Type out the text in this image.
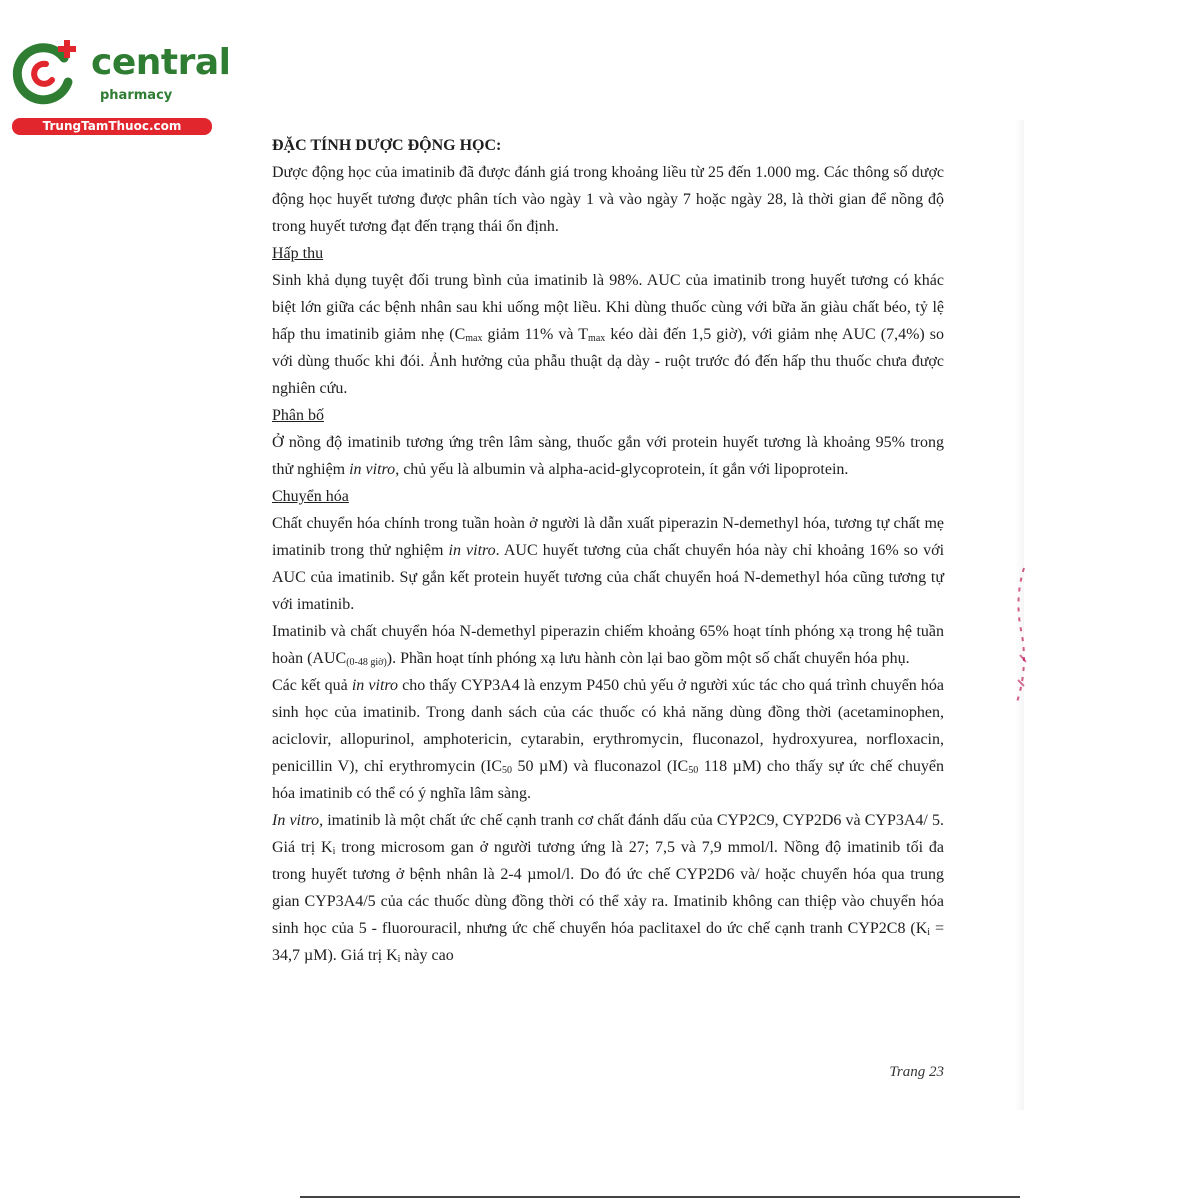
central
pharmacy
TrungTamThuoc.com

ĐẶC TÍNH DƯỢC ĐỘNG HỌC:

Dược động học của imatinib đã được đánh giá trong khoảng liều từ 25 đến 1.000 mg. Các thông số dược động học huyết tương được phân tích vào ngày 1 và vào ngày 7 hoặc ngày 28, là thời gian để nồng độ trong huyết tương đạt đến trạng thái ổn định.

Hấp thu

Sinh khả dụng tuyệt đối trung bình của imatinib là 98%. AUC của imatinib trong huyết tương có khác biệt lớn giữa các bệnh nhân sau khi uống một liều. Khi dùng thuốc cùng với bữa ăn giàu chất béo, tỷ lệ hấp thu imatinib giảm nhẹ ($C_{max}$ giảm 11% và $T_{max}$ kéo dài đến 1,5 giờ), với giảm nhẹ AUC (7,4%) so với dùng thuốc khi đói. Ảnh hưởng của phẫu thuật dạ dày - ruột trước đó đến hấp thu thuốc chưa được nghiên cứu.

Phân bố

Ở nồng độ imatinib tương ứng trên lâm sàng, thuốc gắn với protein huyết tương là khoảng 95% trong thử nghiệm in vitro, chủ yếu là albumin và alpha-acid-glycoprotein, ít gắn với lipoprotein.

Chuyển hóa

Chất chuyển hóa chính trong tuần hoàn ở người là dẫn xuất piperazin N-demethyl hóa, tương tự chất mẹ imatinib trong thử nghiệm in vitro. AUC huyết tương của chất chuyển hóa này chỉ khoảng 16% so với AUC của imatinib. Sự gắn kết protein huyết tương của chất chuyển hoá N-demethyl hóa cũng tương tự với imatinib.

Imatinib và chất chuyển hóa N-demethyl piperazin chiếm khoảng 65% hoạt tính phóng xạ trong hệ tuần hoàn $(AUC_{(0-48 giờ)})$. Phần hoạt tính phóng xạ lưu hành còn lại bao gồm một số chất chuyển hóa phụ.

Các kết quả in vitro cho thấy CYP3A4 là enzym P450 chủ yếu ở người xúc tác cho quá trình chuyển hóa sinh học của imatinib. Trong danh sách của các thuốc có khả năng dùng đồng thời (acetaminophen, aciclovir, allopurinol, amphotericin, cytarabin, erythromycin, fluconazol, hydroxyurea, norfloxacin, penicillin V), chỉ erythromycin ($IC_{50}$ 50 µM) và fluconazol ($IC_{50}$ 118 µM) cho thấy sự ức chế chuyển hóa imatinib có thể có ý nghĩa lâm sàng.

In vitro, imatinib là một chất ức chế cạnh tranh cơ chất đánh dấu của CYP2C9, CYP2D6 và CYP3A4/ 5. Giá trị $K_i$ trong microsom gan ở người tương ứng là 27; 7,5 và 7,9 mmol/l. Nồng độ imatinib tối đa trong huyết tương ở bệnh nhân là 2-4 µmol/l. Do đó ức chế CYP2D6 và/ hoặc chuyển hóa qua trung gian CYP3A4/5 của các thuốc dùng đồng thời có thể xảy ra. Imatinib không can thiệp vào chuyển hóa sinh học của 5 - fluorouracil, nhưng ức chế chuyển hóa paclitaxel do ức chế cạnh tranh CYP2C8 ($K_i = 34,7$ µM). Giá trị $K_i$ này cao

Trang 23
